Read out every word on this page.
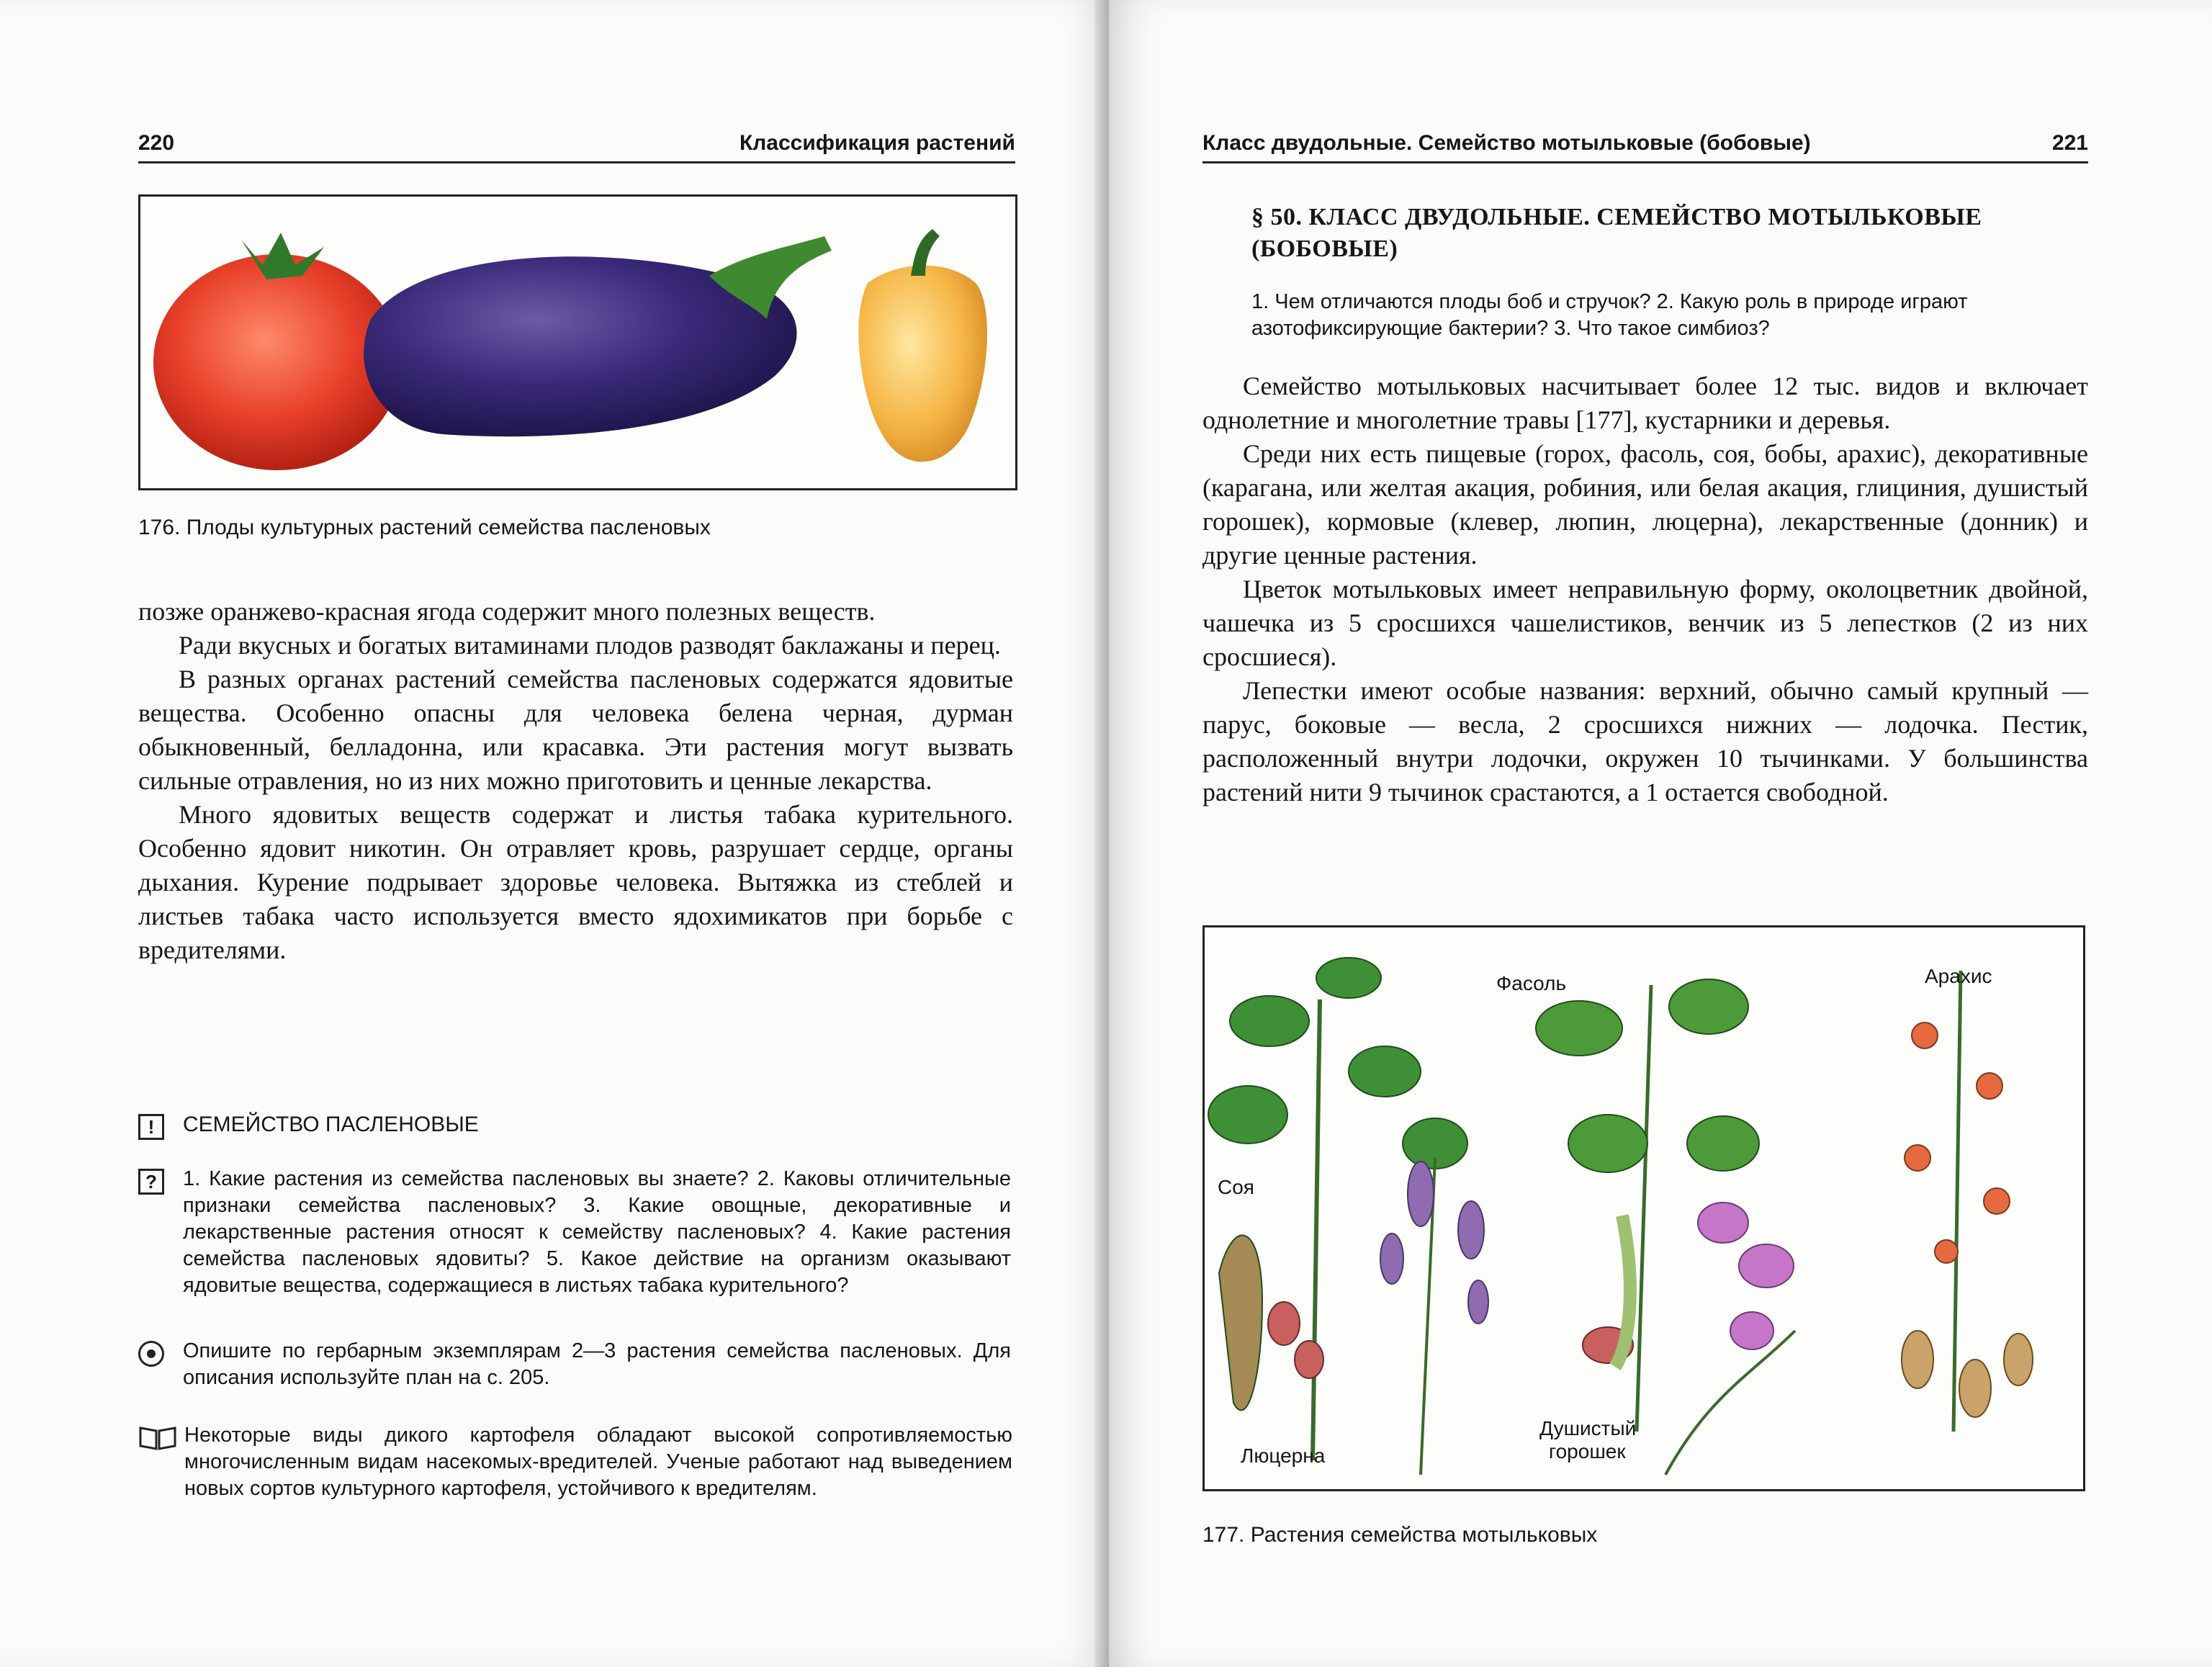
220	Классификация растений
176. Плоды культурных растений семейства пасленовых

позже оранжево-красная ягода содержит много полезных веществ.

Ради вкусных и богатых витаминами плодов разводят баклажаны и перец.

В разных органах растений семейства пасленовых содержатся ядовитые вещества. Особенно опасны для человека белена черная, дурман обыкновенный, белладонна, или красавка. Эти растения могут вызвать сильные отравления, но из них можно приготовить и ценные лекарства.

Много ядовитых веществ содержат и листья табака курительного. Особенно ядовит никотин. Он отравляет кровь, разрушает сердце, органы дыхания. Курение подрывает здоровье человека. Вытяжка из стеблей и листьев табака часто используется вместо ядохимикатов при борьбе с вредителями.

!	СЕМЕЙСТВО ПАСЛЕНОВЫЕ
?	1. Какие растения из семейства пасленовых вы знаете? 2. Каковы отличительные признаки семейства пасленовых? 3. Какие овощные, декоративные и лекарственные растения относят к семейству пасленовых? 4. Какие растения семейства пасленовых ядовиты? 5. Какое действие на организм оказывают ядовитые вещества, содержащиеся в листьях табака курительного?
Опишите по гербарным экземплярам 2—3 растения семейства пасленовых. Для описания используйте план на с. 205.
Некоторые виды дикого картофеля обладают высокой сопротивляемостью многочисленным видам насекомых-вредителей. Ученые работают над выведением новых сортов культурного картофеля, устойчивого к вредителям.
Класс двудольные. Семейство мотыльковые (бобовые)	221
§ 50. КЛАСС ДВУДОЛЬНЫЕ. СЕМЕЙСТВО МОТЫЛЬКОВЫЕ (БОБОВЫЕ)
1. Чем отличаются плоды боб и стручок? 2. Какую роль в природе играют азотофиксирующие бактерии? 3. Что такое симбиоз?

Семейство мотыльковых насчитывает более 12 тыс. видов и включает однолетние и многолетние травы [177], кустарники и деревья.

Среди них есть пищевые (горох, фасоль, соя, бобы, арахис), декоративные (карагана, или желтая акация, робиния, или белая акация, глициния, душистый горошек), кормовые (клевер, люпин, люцерна), лекарственные (донник) и другие ценные растения.

Цветок мотыльковых имеет неправильную форму, околоцветник двойной, чашечка из 5 сросшихся чашелистиков, венчик из 5 лепестков (2 из них сросшиеся).

Лепестки имеют особые названия: верхний, обычно самый крупный — парус, боковые — весла, 2 сросшихся нижних — лодочка. Пестик, расположенный внутри лодочки, окружен 10 тычинками. У большинства растений нити 9 тычинок срастаются, а 1 остается свободной.

Соя
Фасоль	Арахис
Люцерна
Душистый
горошек
177. Растения семейства мотыльковых
